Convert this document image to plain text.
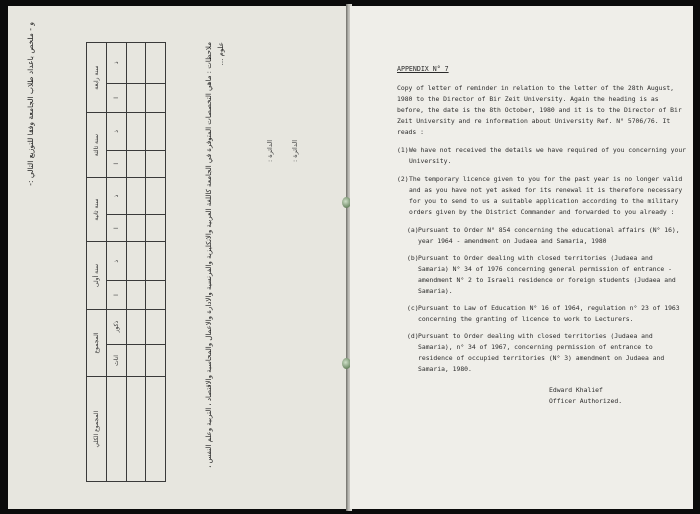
و - ملخص باعداد طلاب الجامعة وفقا للتوزيع التالي :-	سنة رابعة		سنة ثالثة		سنة ثانية		سنة أولى		المجموع		المجموع الكلي
ذ	ا	ذ	ا	ذ	ا	ذ	ا	ذكور	اناث	

											ملاحظات : ماهي التخصصات المتوفرة في الجامعة كاللغة العربية والانكليزية والفرنسية والادارة والاعمال والمحاسبة والاقتصاد ، التربية وعلم النفس ، علوم ...
الدائرة :	الدائرة :
APPENDIX N° 7
Copy of letter of reminder in relation to the letter of the 28th August, 1980 to the Director of Bir Zeit University. Again the heading is as before, the date is the 8th October, 1980 and it is to the Director of Bir Zeit University and re information about University Ref. N° 5706/76. It reads :
(1) We have not received the details we have required of you concerning your University.
(2) The temporary licence given to you for the past year is no longer valid and as you have not yet asked for its renewal it is therefore necessary for you to send to us a suitable application according to the military orders given by the District Commander and forwarded to you already :
(a) Pursuant to Order N° 854 concerning the educational affairs (N° 16), year 1964 - amendment on Judaea and Samaria, 1980
(b) Pursuant to Order dealing with closed territories (Judaea and Samaria) N° 34 of 1976 concerning general permission of entrance - amendment N° 2 to Israeli residence or foreign students (Judaea and Samaria).
(c) Pursuant to Law of Education N° 16 of 1964, regulation n° 23 of 1963 concerning the granting of licence to work to Lecturers.
(d) Pursuant to Order dealing with closed territories (Judaea and Samaria), n° 34 of 1967, concerning permission of entrance to residence of occupied territories (N° 3) amendment on Judaea and Samaria, 1980.
Edward Khalief
Officer Authorized.
